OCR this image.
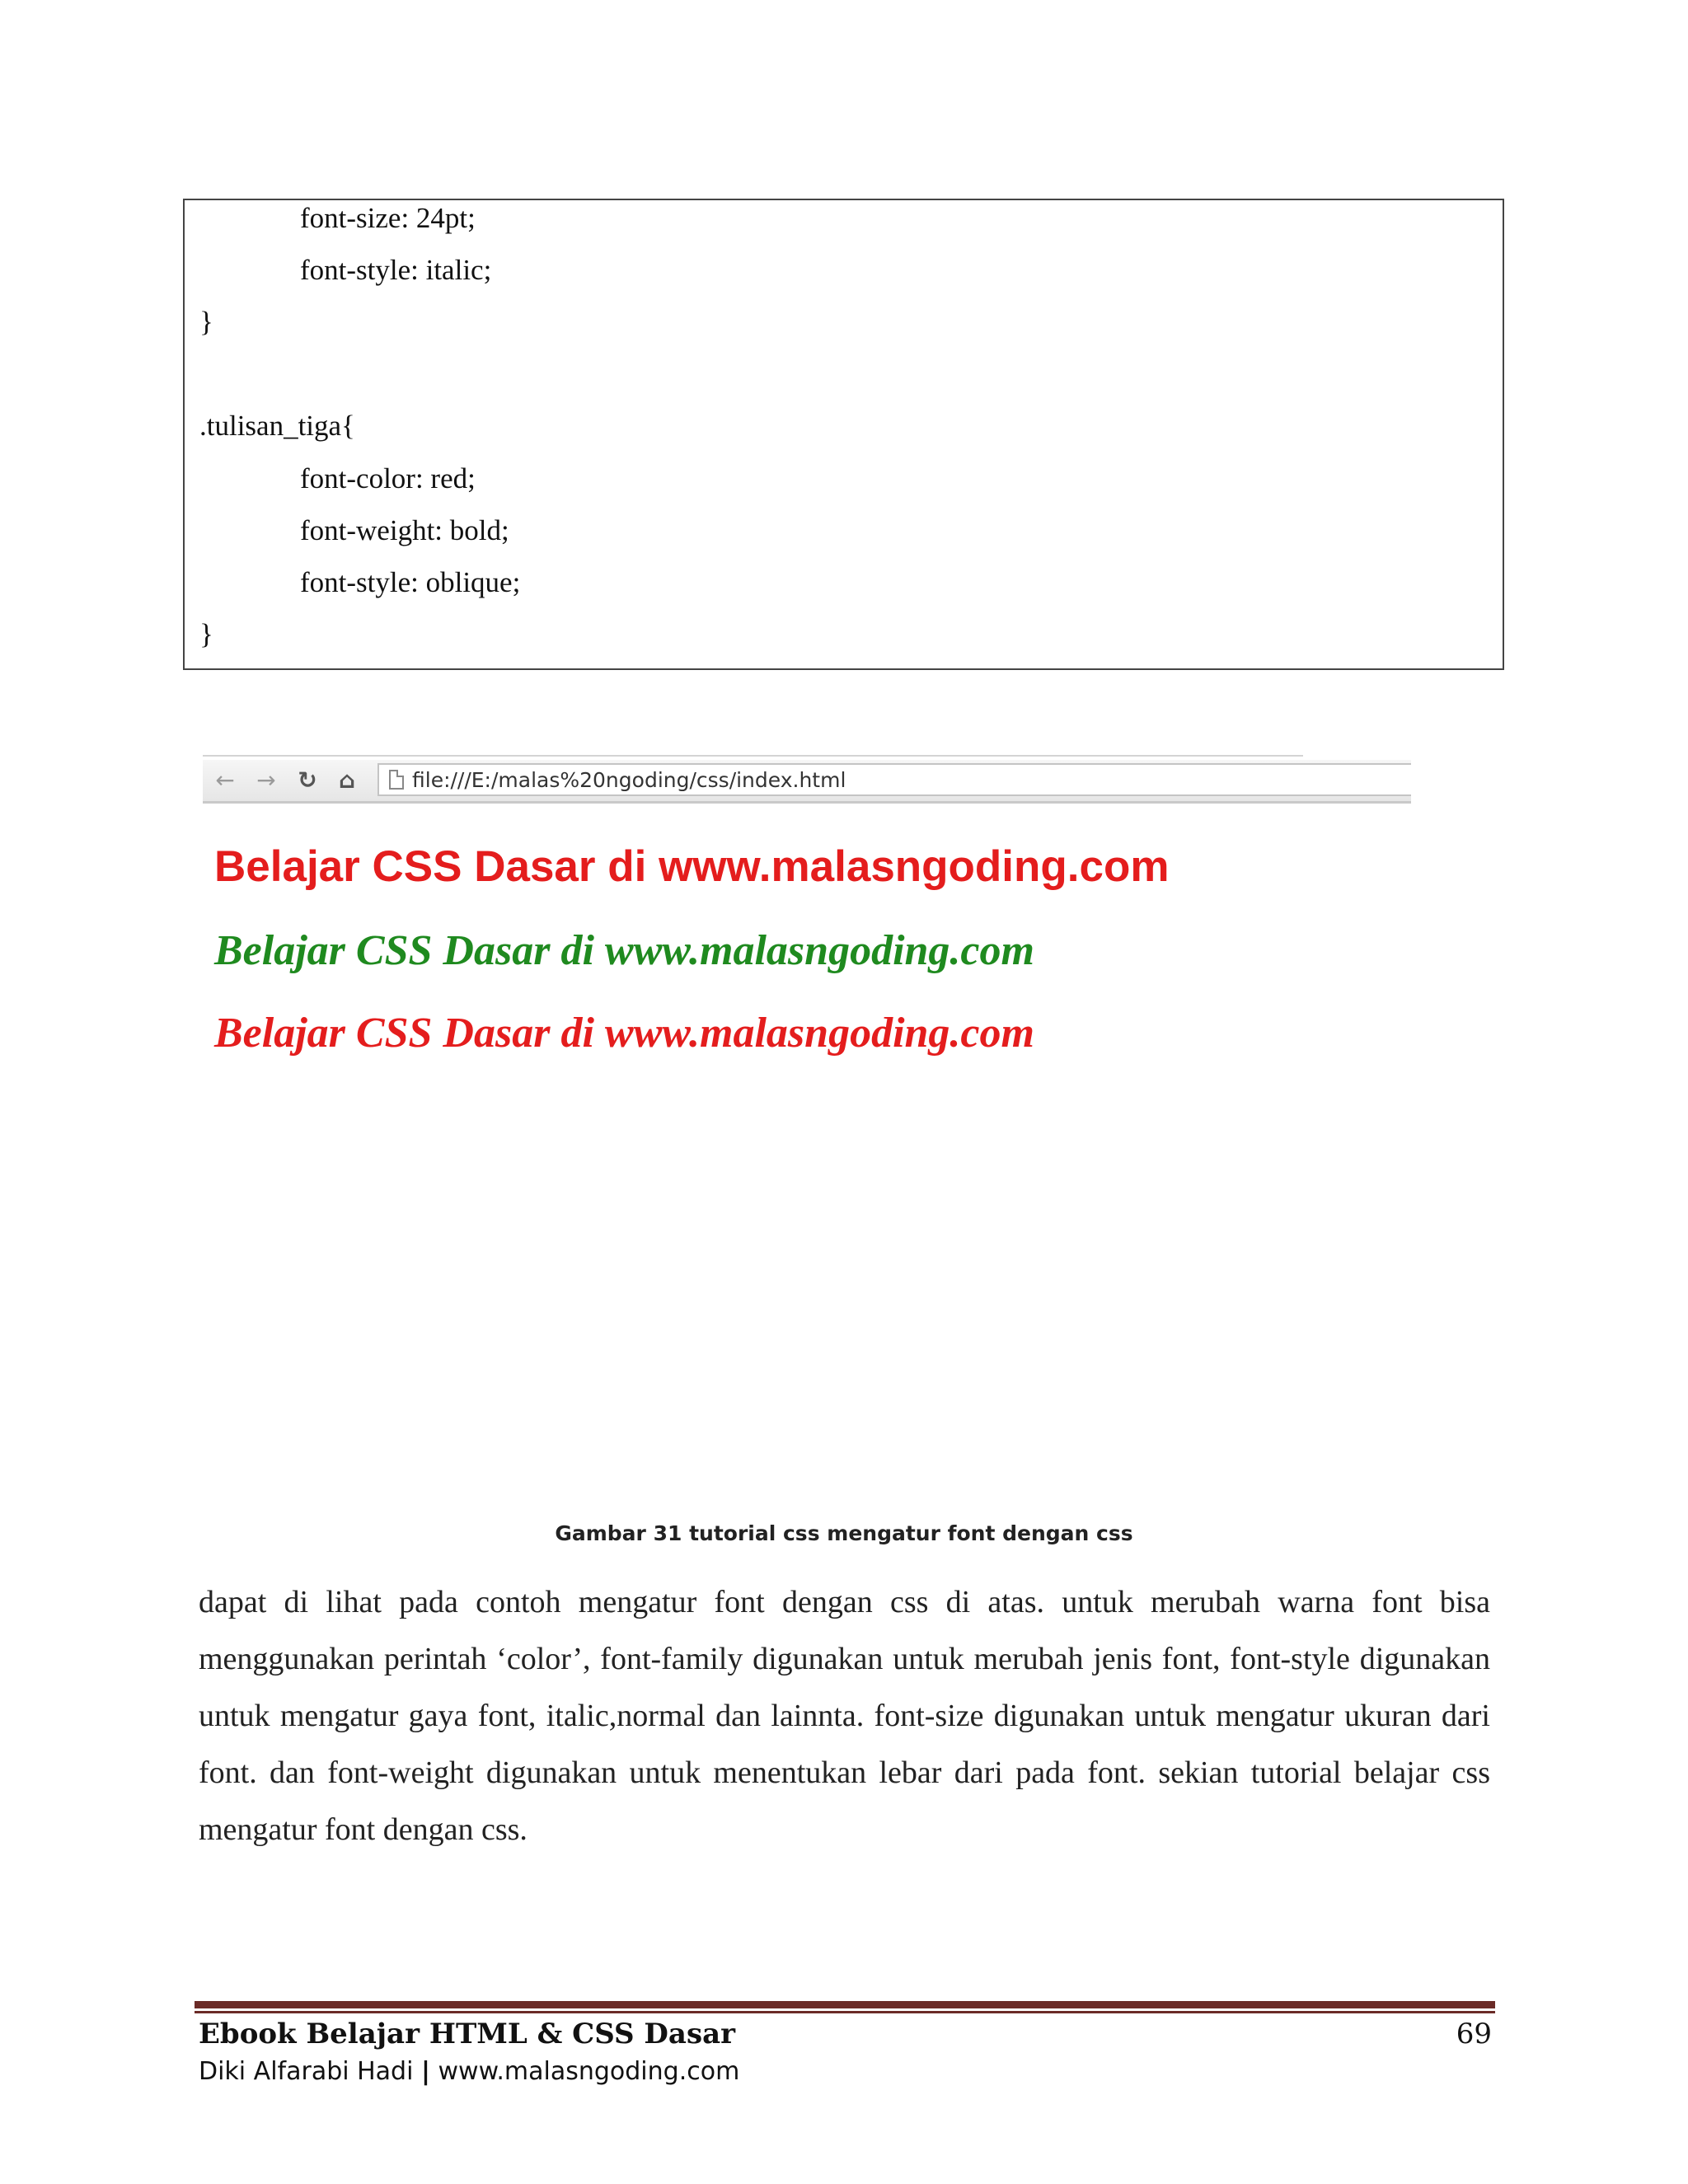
font-size: 24pt;
font-style: italic;
}
.tulisan_tiga{
font-color: red;
font-weight: bold;
font-style: oblique;
}
← → ↻ ⌂	file:///E:/malas%20ngoding/css/index.html
Belajar CSS Dasar di www.malasngoding.com
Belajar CSS Dasar di www.malasngoding.com
Belajar CSS Dasar di www.malasngoding.com
Gambar 31 tutorial css mengatur font dengan css
dapat di lihat pada contoh mengatur font dengan css di atas. untuk merubah warna font bisa menggunakan perintah ‘color’, font-family digunakan untuk merubah jenis font, font-style digunakan untuk mengatur gaya font, italic,normal dan lainnta. font-size digunakan untuk mengatur ukuran dari font. dan font-weight digunakan untuk menentukan lebar dari pada font. sekian tutorial belajar css mengatur font dengan css.
Ebook Belajar HTML & CSS Dasar
Diki Alfarabi Hadi | www.malasngoding.com
69
